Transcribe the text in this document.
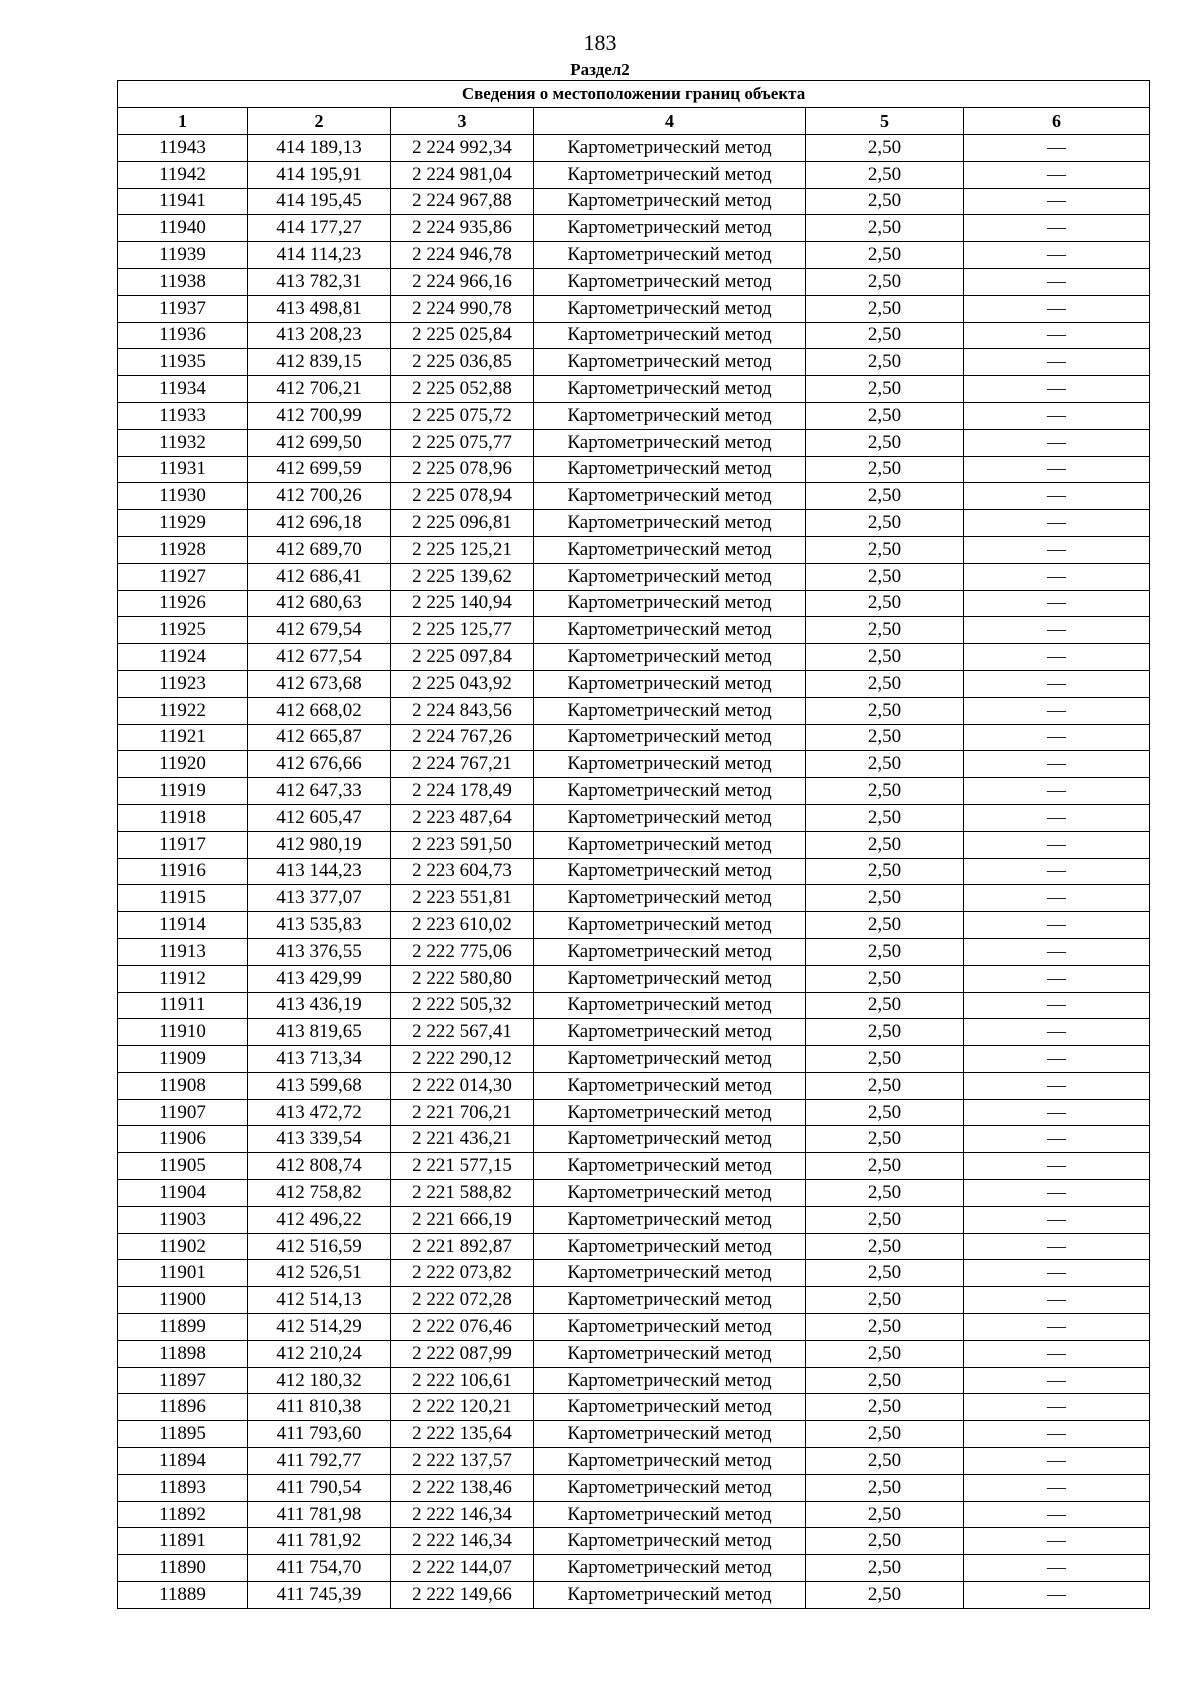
183
Раздел2
Сведения о местоположении границ объекта					
1	2	3	4	5	6
11943	414 189,13	2 224 992,34	Картометрический метод	2,50	—
11942	414 195,91	2 224 981,04	Картометрический метод	2,50	—
11941	414 195,45	2 224 967,88	Картометрический метод	2,50	—
11940	414 177,27	2 224 935,86	Картометрический метод	2,50	—
11939	414 114,23	2 224 946,78	Картометрический метод	2,50	—
11938	413 782,31	2 224 966,16	Картометрический метод	2,50	—
11937	413 498,81	2 224 990,78	Картометрический метод	2,50	—
11936	413 208,23	2 225 025,84	Картометрический метод	2,50	—
11935	412 839,15	2 225 036,85	Картометрический метод	2,50	—
11934	412 706,21	2 225 052,88	Картометрический метод	2,50	—
11933	412 700,99	2 225 075,72	Картометрический метод	2,50	—
11932	412 699,50	2 225 075,77	Картометрический метод	2,50	—
11931	412 699,59	2 225 078,96	Картометрический метод	2,50	—
11930	412 700,26	2 225 078,94	Картометрический метод	2,50	—
11929	412 696,18	2 225 096,81	Картометрический метод	2,50	—
11928	412 689,70	2 225 125,21	Картометрический метод	2,50	—
11927	412 686,41	2 225 139,62	Картометрический метод	2,50	—
11926	412 680,63	2 225 140,94	Картометрический метод	2,50	—
11925	412 679,54	2 225 125,77	Картометрический метод	2,50	—
11924	412 677,54	2 225 097,84	Картометрический метод	2,50	—
11923	412 673,68	2 225 043,92	Картометрический метод	2,50	—
11922	412 668,02	2 224 843,56	Картометрический метод	2,50	—
11921	412 665,87	2 224 767,26	Картометрический метод	2,50	—
11920	412 676,66	2 224 767,21	Картометрический метод	2,50	—
11919	412 647,33	2 224 178,49	Картометрический метод	2,50	—
11918	412 605,47	2 223 487,64	Картометрический метод	2,50	—
11917	412 980,19	2 223 591,50	Картометрический метод	2,50	—
11916	413 144,23	2 223 604,73	Картометрический метод	2,50	—
11915	413 377,07	2 223 551,81	Картометрический метод	2,50	—
11914	413 535,83	2 223 610,02	Картометрический метод	2,50	—
11913	413 376,55	2 222 775,06	Картометрический метод	2,50	—
11912	413 429,99	2 222 580,80	Картометрический метод	2,50	—
11911	413 436,19	2 222 505,32	Картометрический метод	2,50	—
11910	413 819,65	2 222 567,41	Картометрический метод	2,50	—
11909	413 713,34	2 222 290,12	Картометрический метод	2,50	—
11908	413 599,68	2 222 014,30	Картометрический метод	2,50	—
11907	413 472,72	2 221 706,21	Картометрический метод	2,50	—
11906	413 339,54	2 221 436,21	Картометрический метод	2,50	—
11905	412 808,74	2 221 577,15	Картометрический метод	2,50	—
11904	412 758,82	2 221 588,82	Картометрический метод	2,50	—
11903	412 496,22	2 221 666,19	Картометрический метод	2,50	—
11902	412 516,59	2 221 892,87	Картометрический метод	2,50	—
11901	412 526,51	2 222 073,82	Картометрический метод	2,50	—
11900	412 514,13	2 222 072,28	Картометрический метод	2,50	—
11899	412 514,29	2 222 076,46	Картометрический метод	2,50	—
11898	412 210,24	2 222 087,99	Картометрический метод	2,50	—
11897	412 180,32	2 222 106,61	Картометрический метод	2,50	—
11896	411 810,38	2 222 120,21	Картометрический метод	2,50	—
11895	411 793,60	2 222 135,64	Картометрический метод	2,50	—
11894	411 792,77	2 222 137,57	Картометрический метод	2,50	—
11893	411 790,54	2 222 138,46	Картометрический метод	2,50	—
11892	411 781,98	2 222 146,34	Картометрический метод	2,50	—
11891	411 781,92	2 222 146,34	Картометрический метод	2,50	—
11890	411 754,70	2 222 144,07	Картометрический метод	2,50	—
11889	411 745,39	2 222 149,66	Картометрический метод	2,50	—
